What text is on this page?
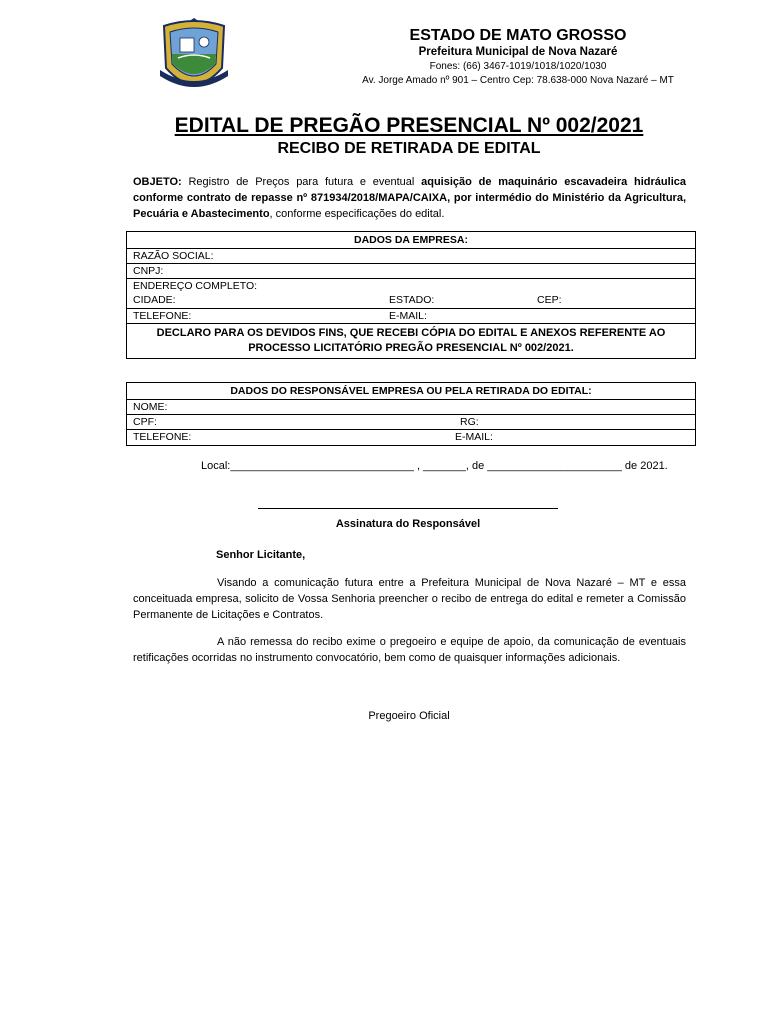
ESTADO DE MATO GROSSO
Prefeitura Municipal de Nova Nazaré
Fones: (66) 3467-1019/1018/1020/1030
Av. Jorge Amado nº 901 – Centro Cep: 78.638-000 Nova Nazaré – MT
EDITAL DE PREGÃO PRESENCIAL Nº 002/2021
RECIBO DE RETIRADA DE EDITAL
OBJETO: Registro de Preços para futura e eventual aquisição de maquinário escavadeira hidráulica conforme contrato de repasse nº 871934/2018/MAPA/CAIXA, por intermédio do Ministério da Agricultura, Pecuária e Abastecimento, conforme especificações do edital.
DADOS DA EMPRESA:
RAZÃO SOCIAL:
CNPJ:
ENDEREÇO COMPLETO:
CIDADE:	ESTADO:	CEP:
TELEFONE:	E-MAIL:
DECLARO PARA OS DEVIDOS FINS, QUE RECEBI CÓPIA DO EDITAL E ANEXOS REFERENTE AO PROCESSO LICITATÓRIO PREGÃO PRESENCIAL Nº 002/2021.
DADOS DO RESPONSÁVEL EMPRESA OU PELA RETIRADA DO EDITAL:
NOME:
CPF:	RG:
TELEFONE:	E-MAIL:
Local:______________________________ , _______, de ______________________ de 2021.
Assinatura do Responsável
Senhor Licitante,
Visando a comunicação futura entre a Prefeitura Municipal de Nova Nazaré – MT e essa conceituada empresa, solicito de Vossa Senhoria preencher o recibo de entrega do edital e remeter a Comissão Permanente de Licitações e Contratos.
A não remessa do recibo exime o pregoeiro e equipe de apoio, da comunicação de eventuais retificações ocorridas no instrumento convocatório, bem como de quaisquer informações adicionais.
Pregoeiro Oficial
